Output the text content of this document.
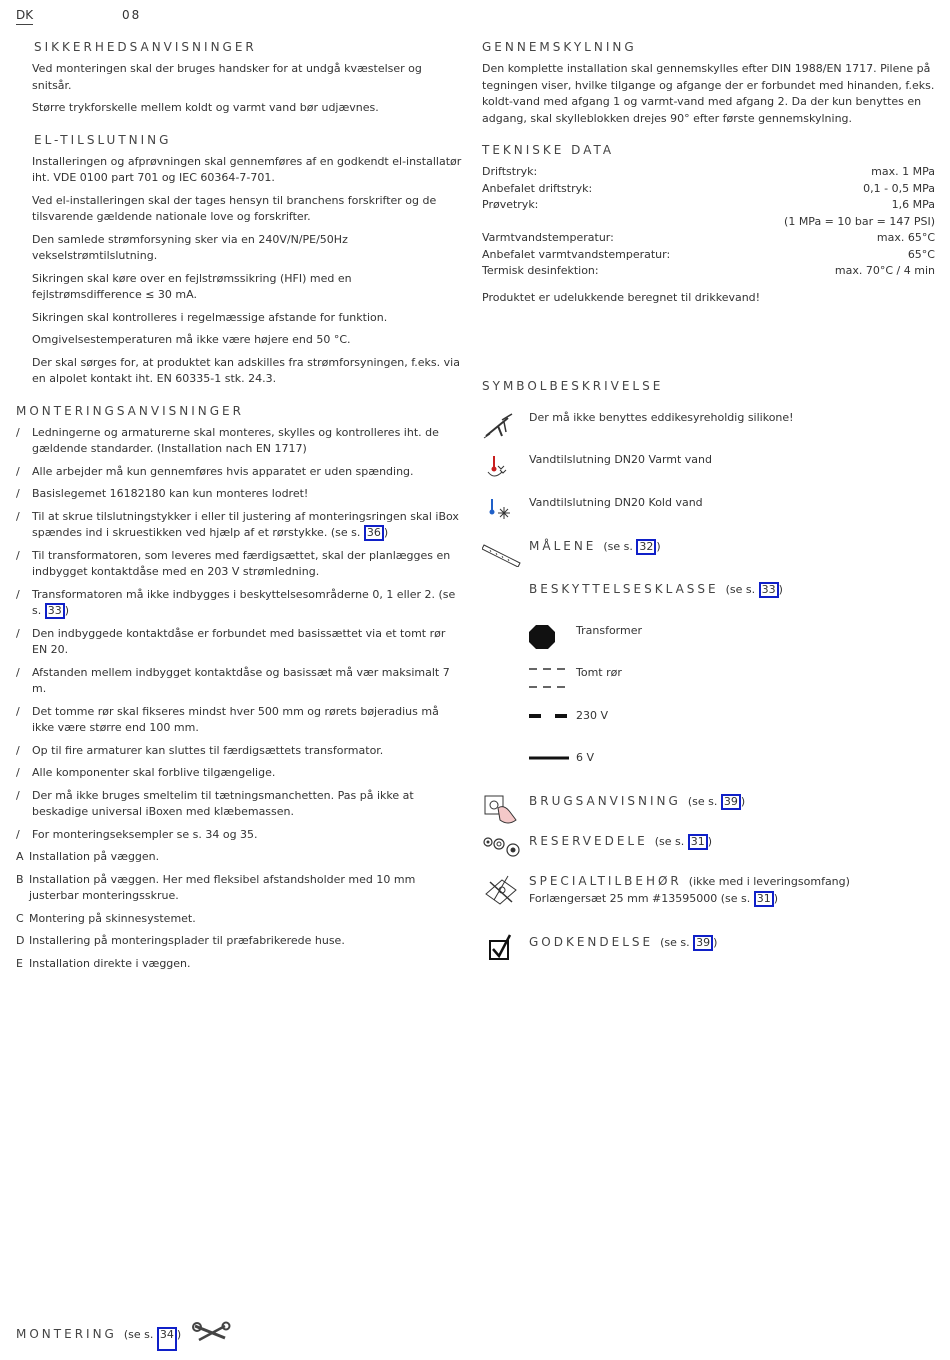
DK	08
SIKKERHEDSANVISNINGER

Ved monteringen skal der bruges handsker for at undgå kvæstelser og snitsår.

Større trykforskelle mellem koldt og varmt vand bør udjævnes.

EL-TILSLUTNING

Installeringen og afprøvningen skal gennemføres af en godkendt el-installatør iht. VDE 0100 part 701 og IEC 60364-7-701.

Ved el-installeringen skal der tages hensyn til branchens forskrifter og de tilsvarende gældende nationale love og forskrifter.

Den samlede strømforsyning sker via en 240V/N/PE/50Hz vekselstrømtilslutning.

Sikringen skal køre over en fejlstrømssikring (HFI) med en fejlstrømsdifference ≤ 30 mA.

Sikringen skal kontrolleres i regelmæssige afstande for funktion.

Omgivelsestemperaturen må ikke være højere end 50 °C.

Der skal sørges for, at produktet kan adskilles fra strømforsyningen, f.eks. via en alpolet kontakt iht. EN 60335-1 stk. 24.3.

MONTERINGSANVISNINGER
/ Ledningerne og armaturerne skal monteres, skylles og kontrolleres iht. de gældende standarder. (Installation nach EN 1717)
/ Alle arbejder må kun gennemføres hvis apparatet er uden spænding.
/ Basislegemet 16182180 kan kun monteres lodret!
/ Til at skrue tilslutningstykker i eller til justering af monteringsringen skal iBox spændes ind i skruestikken ved hjælp af et rørstykke. (se s. 36 )
/ Til transformatoren, som leveres med færdigsættet, skal der planlægges en indbygget kontaktdåse med en 203 V strømledning.
/ Transformatoren må ikke indbygges i beskyttelsesområderne 0, 1 eller 2. (se s. 33 )
/ Den indbyggede kontaktdåse er forbundet med basissættet via et tomt rør EN 20.
/ Afstanden mellem indbygget kontaktdåse og basissæt må vær maksimalt 7 m.
/ Det tomme rør skal fikseres mindst hver 500 mm og rørets bøjeradius må ikke være større end 100 mm.
/ Op til fire armaturer kan sluttes til færdigsættets transformator.
/ Alle komponenter skal forblive tilgængelige.
/ Der må ikke bruges smeltelim til tætningsmanchetten. Pas på ikke at beskadige universal iBoxen med klæbemassen.
/ For monteringseksempler se s. 34 og 35.
A Installation på væggen.
B Installation på væggen. Her med fleksibel afstandsholder med 10 mm justerbar monteringsskrue.
C Montering på skinnesystemet.
D Installering på monteringsplader til præfabrikerede huse.
E Installation direkte i væggen.
GENNEMSKYLNING

Den komplette installation skal gennemskylles efter DIN 1988/EN 1717. Pilene på tegningen viser, hvilke tilgange og afgange der er forbundet med hinanden, f.eks. koldt-vand med afgang 1 og varmt-vand med afgang 2. Da der kun benyttes en adgang, skal skylleblokken drejes 90° efter første gennemskylning.

TEKNISKE DATA
Driftstryk:	max. 1 MPa
Anbefalet driftstryk:	0,1 - 0,5 MPa
Prøvetryk:	1,6 MPa
(1 MPa = 10 bar = 147 PSI)
Varmtvandstemperatur:	max. 65°C
Anbefalet varmtvandstemperatur:	65°C
Termisk desinfektion:	max. 70°C / 4 min

Produktet er udelukkende beregnet til drikkevand!

SYMBOLBESKRIVELSE
Der må ikke benyttes eddikesyreholdig silikone!
Vandtilslutning DN20 Varmt vand
Vandtilslutning DN20 Kold vand
MÅLENE (se s. 32 )
BESKYTTELSESKLASSE (se s. 33 )
Transformer
Tomt rør
230 V
6 V
BRUGSANVISNING (se s. 39 )
RESERVEDELE (se s. 31 )
SPECIALTILBEHØR (ikke med i leveringsomfang)
Forlængersæt 25 mm #13595000 (se s. 31 )
GODKENDELSE (se s. 39 )
MONTERING (se s. 34 )
